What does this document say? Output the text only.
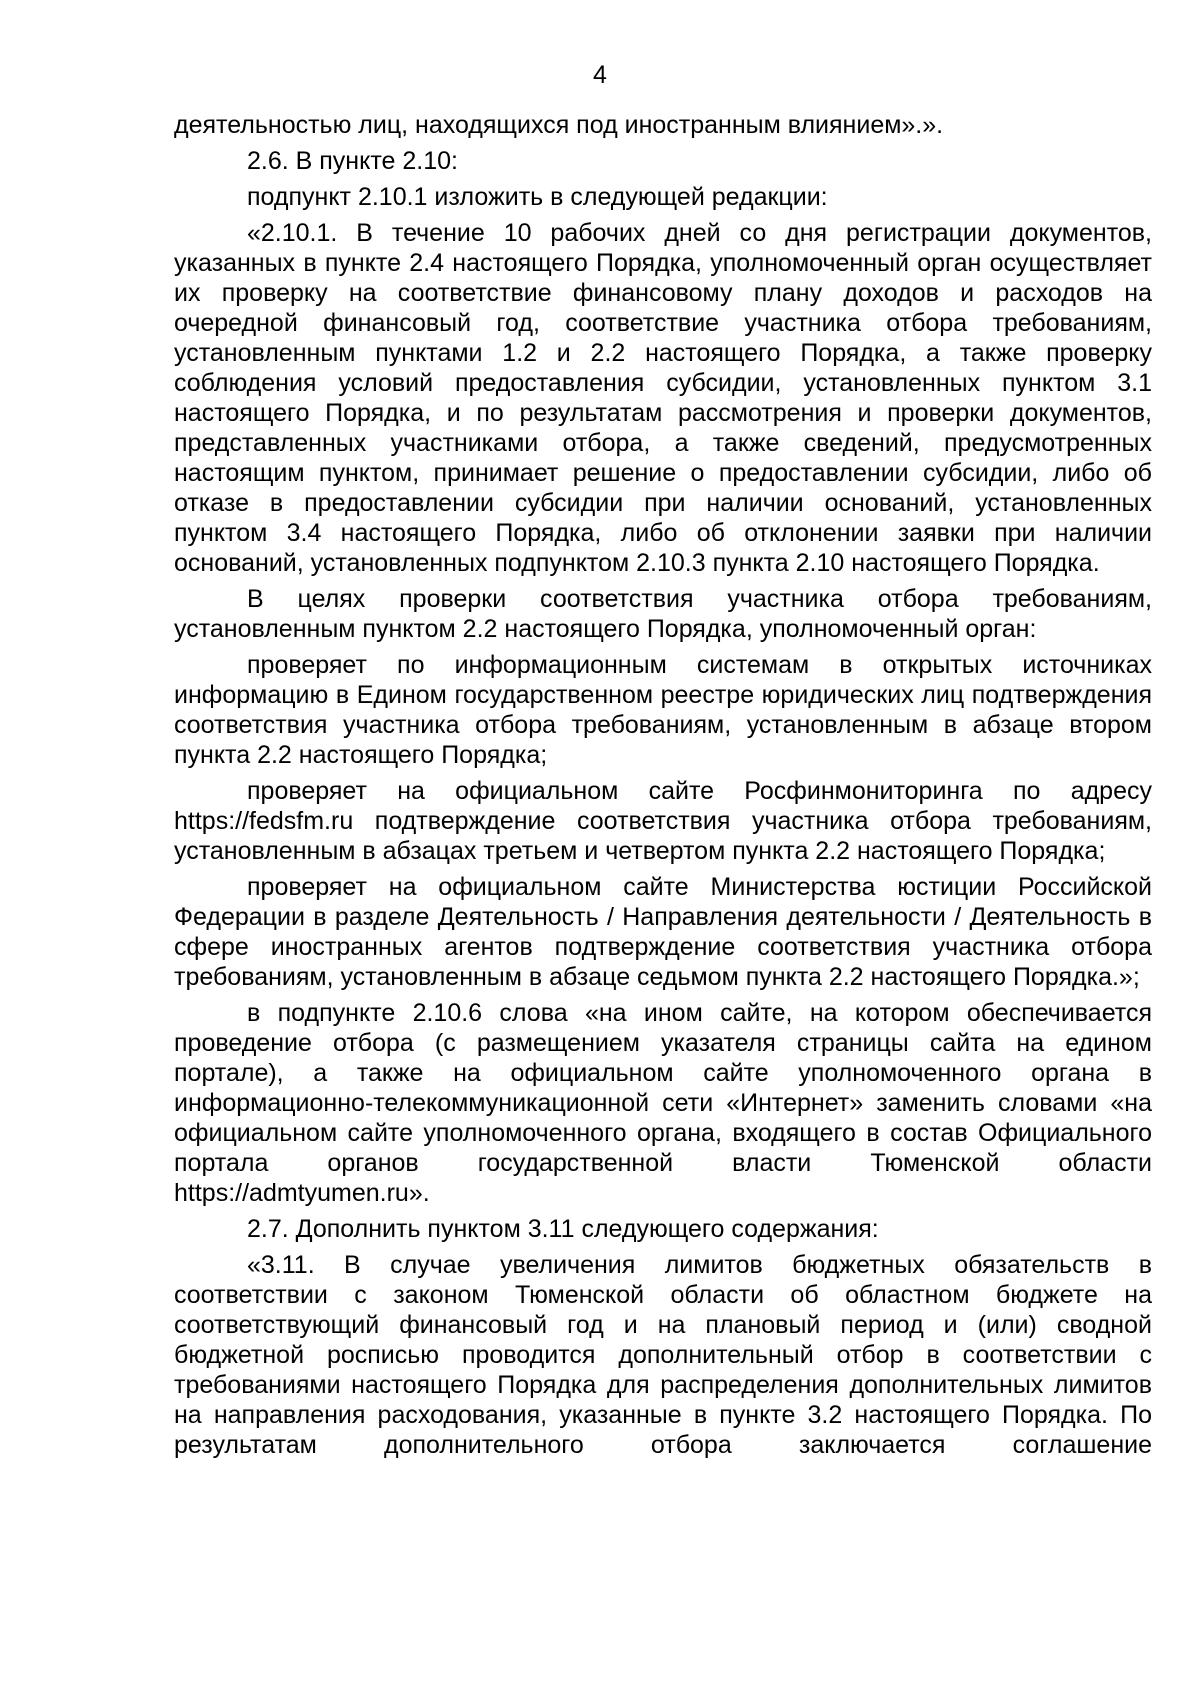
4

деятельностью лиц, находящихся под иностранным влиянием».».

2.6. В пункте 2.10:

подпункт 2.10.1 изложить в следующей редакции:

«2.10.1. В течение 10 рабочих дней со дня регистрации документов, указанных в пункте 2.4 настоящего Порядка, уполномоченный орган осуществляет их проверку на соответствие финансовому плану доходов и расходов на очередной финансовый год, соответствие участника отбора требованиям, установленным пунктами 1.2 и 2.2 настоящего Порядка, а также проверку соблюдения условий предоставления субсидии, установленных пунктом 3.1 настоящего Порядка, и по результатам рассмотрения и проверки документов, представленных участниками отбора, а также сведений, предусмотренных настоящим пунктом, принимает решение о предоставлении субсидии, либо об отказе в предоставлении субсидии при наличии оснований, установленных пунктом 3.4 настоящего Порядка, либо об отклонении заявки при наличии оснований, установленных подпунктом 2.10.3 пункта 2.10 настоящего Порядка.

В целях проверки соответствия участника отбора требованиям, установленным пунктом 2.2 настоящего Порядка, уполномоченный орган:

проверяет по информационным системам в открытых источниках информацию в Едином государственном реестре юридических лиц подтверждения соответствия участника отбора требованиям, установленным в абзаце втором пункта 2.2 настоящего Порядка;

проверяет на официальном сайте Росфинмониторинга по адресу https://fedsfm.ru подтверждение соответствия участника отбора требованиям, установленным в абзацах третьем и четвертом пункта 2.2 настоящего Порядка;

проверяет на официальном сайте Министерства юстиции Российской Федерации в разделе Деятельность / Направления деятельности / Деятельность в сфере иностранных агентов подтверждение соответствия участника отбора требованиям, установленным в абзаце седьмом пункта 2.2 настоящего Порядка.»;

в подпункте 2.10.6 слова «на ином сайте, на котором обеспечивается проведение отбора (с размещением указателя страницы сайта на едином портале), а также на официальном сайте уполномоченного органа в информационно-телекоммуникационной сети «Интернет» заменить словами «на официальном сайте уполномоченного органа, входящего в состав Официального портала органов государственной власти Тюменской области https://admtyumen.ru».

2.7. Дополнить пунктом 3.11 следующего содержания:

«3.11. В случае увеличения лимитов бюджетных обязательств в соответствии с законом Тюменской области об областном бюджете на соответствующий финансовый год и на плановый период и (или) сводной бюджетной росписью проводится дополнительный отбор в соответствии с требованиями настоящего Порядка для распределения дополнительных лимитов на направления расходования, указанные в пункте 3.2 настоящего Порядка. По результатам дополнительного отбора заключается соглашение
